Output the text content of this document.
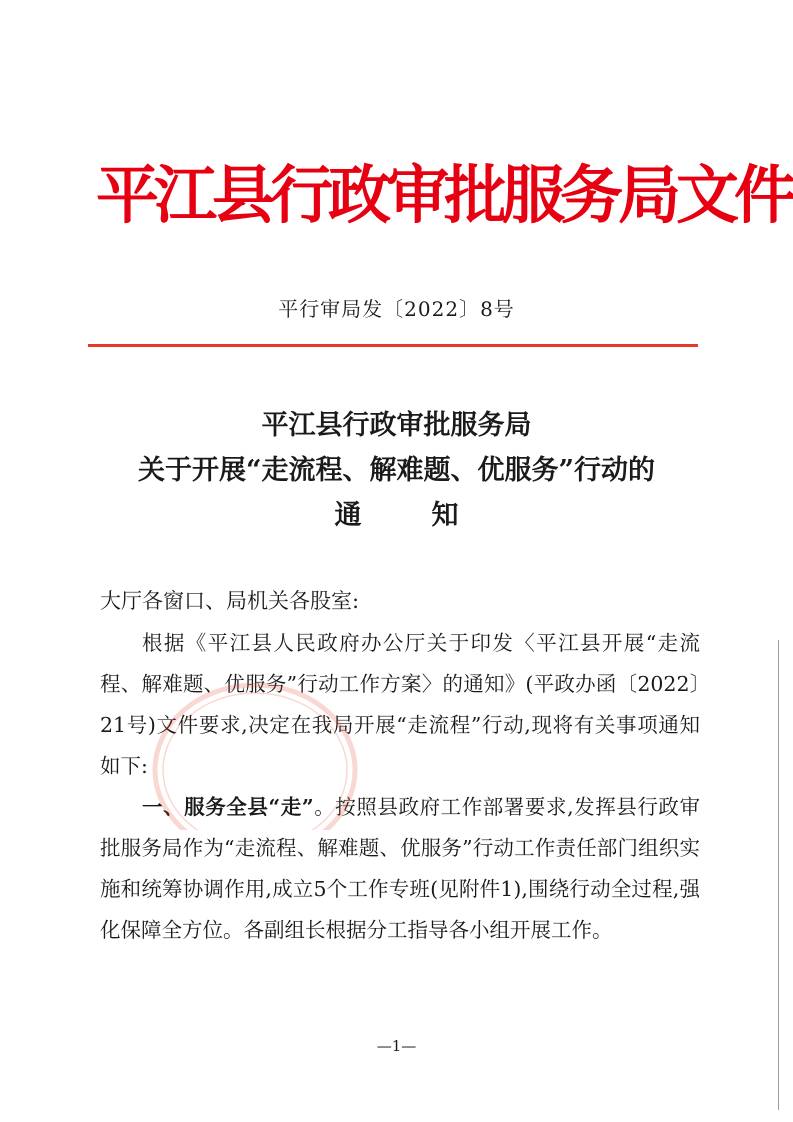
平江县行政审批服务局文件
平行审局发〔2022〕8号
平江县行政审批服务局
关于开展“走流程、解难题、优服务”行动的
通知
大厅各窗口、局机关各股室:

根据《平江县人民政府办公厅关于印发〈平江县开展“走流程、解难题、优服务”行动工作方案〉的通知》(平政办函〔2022〕21号)文件要求,决定在我局开展“走流程”行动,现将有关事项通知如下:

一、服务全县“走”。按照县政府工作部署要求,发挥县行政审批服务局作为“走流程、解难题、优服务”行动工作责任部门组织实施和统筹协调作用,成立5个工作专班(见附件1),围绕行动全过程,强化保障全方位。各副组长根据分工指导各小组开展工作。

—1—
